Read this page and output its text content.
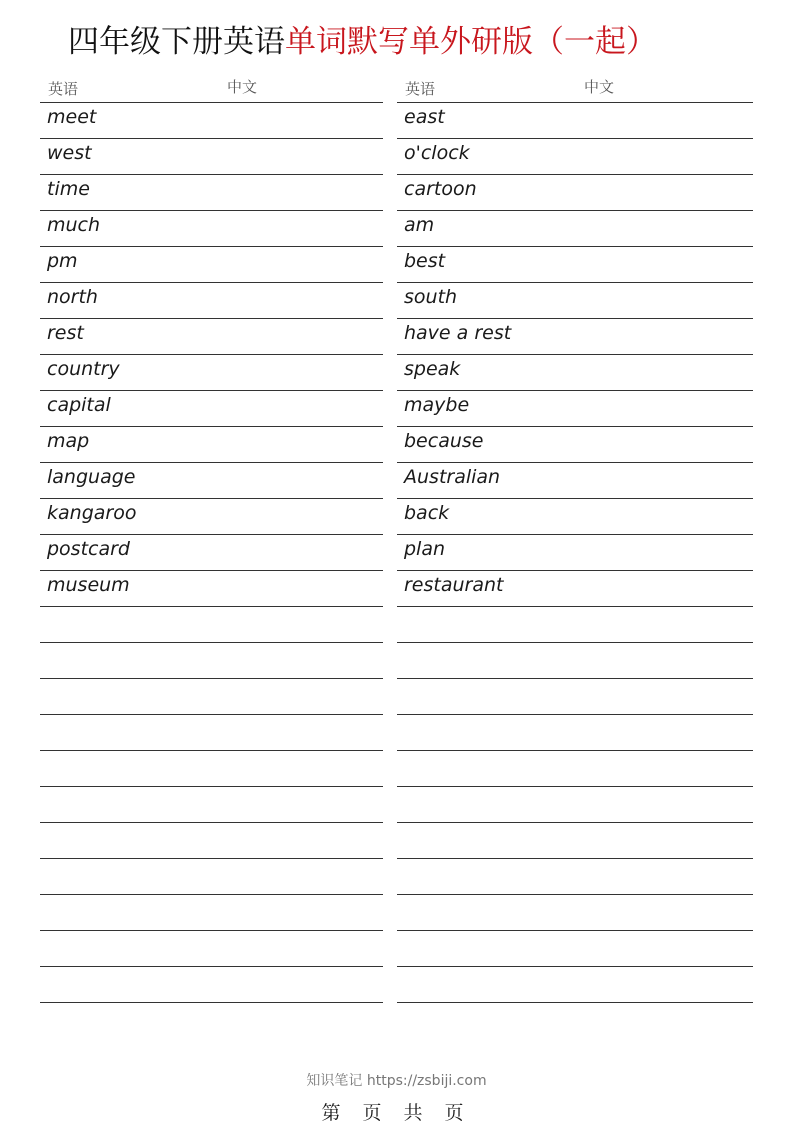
四年级下册英语单词默写单外研版（一起）
英语	中文
meet
west
time
much
pm
north
rest
country
capital
map
language
kangaroo
postcard
museum
英语	中文
east
o'clock
cartoon
am
best
south
have a rest
speak
maybe
because
Australian
back
plan
restaurant
知识笔记 https://zsbiji.com
第 页 共 页
